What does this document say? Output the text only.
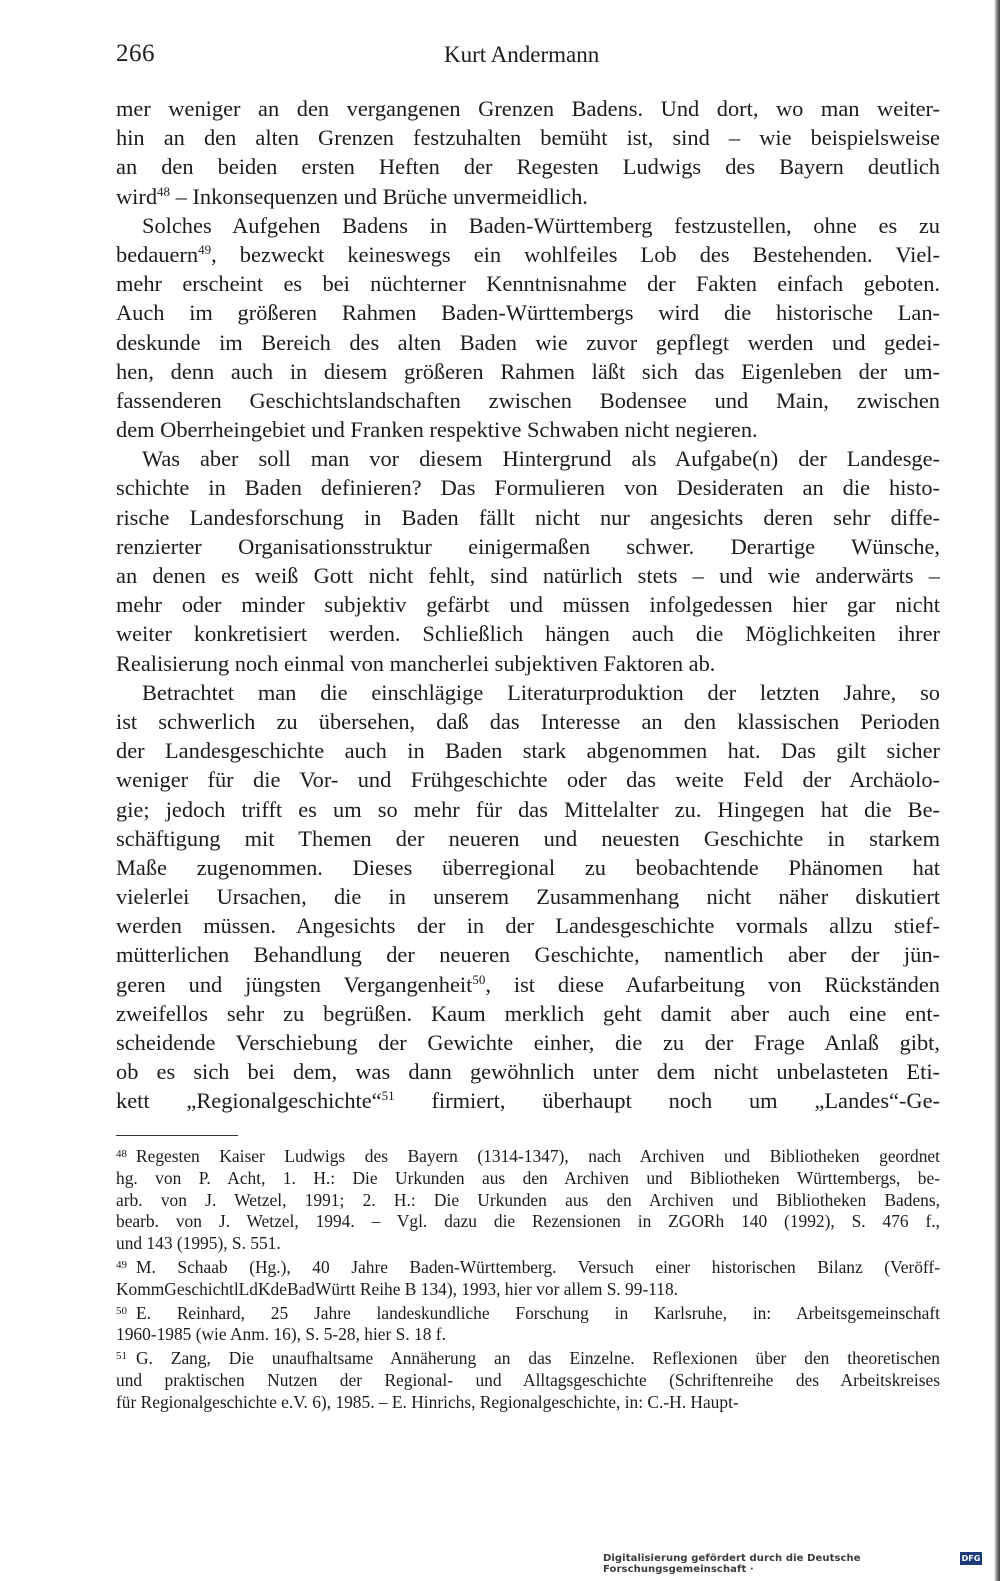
266	Kurt Andermann
mer weniger an den vergangenen Grenzen Badens. Und dort, wo man weiter-
hin an den alten Grenzen festzuhalten bemüht ist, sind – wie beispielsweise
an den beiden ersten Heften der Regesten Ludwigs des Bayern deutlich
wird$^{48}$ – Inkonsequenzen und Brüche unvermeidlich.
Solches Aufgehen Badens in Baden-Württemberg festzustellen, ohne es zu
bedauern$^{49}$, bezweckt keineswegs ein wohlfeiles Lob des Bestehenden. Viel-
mehr erscheint es bei nüchterner Kenntnisnahme der Fakten einfach geboten.
Auch im größeren Rahmen Baden-Württembergs wird die historische Lan-
deskunde im Bereich des alten Baden wie zuvor gepflegt werden und gedei-
hen, denn auch in diesem größeren Rahmen läßt sich das Eigenleben der um-
fassenderen Geschichtslandschaften zwischen Bodensee und Main, zwischen
dem Oberrheingebiet und Franken respektive Schwaben nicht negieren.
Was aber soll man vor diesem Hintergrund als Aufgabe(n) der Landesge-
schichte in Baden definieren? Das Formulieren von Desideraten an die histo-
rische Landesforschung in Baden fällt nicht nur angesichts deren sehr diffe-
renzierter Organisationsstruktur einigermaßen schwer. Derartige Wünsche,
an denen es weiß Gott nicht fehlt, sind natürlich stets – und wie anderwärts –
mehr oder minder subjektiv gefärbt und müssen infolgedessen hier gar nicht
weiter konkretisiert werden. Schließlich hängen auch die Möglichkeiten ihrer
Realisierung noch einmal von mancherlei subjektiven Faktoren ab.
Betrachtet man die einschlägige Literaturproduktion der letzten Jahre, so
ist schwerlich zu übersehen, daß das Interesse an den klassischen Perioden
der Landesgeschichte auch in Baden stark abgenommen hat. Das gilt sicher
weniger für die Vor- und Frühgeschichte oder das weite Feld der Archäolo-
gie; jedoch trifft es um so mehr für das Mittelalter zu. Hingegen hat die Be-
schäftigung mit Themen der neueren und neuesten Geschichte in starkem
Maße zugenommen. Dieses überregional zu beobachtende Phänomen hat
vielerlei Ursachen, die in unserem Zusammenhang nicht näher diskutiert
werden müssen. Angesichts der in der Landesgeschichte vormals allzu stief-
mütterlichen Behandlung der neueren Geschichte, namentlich aber der jün-
geren und jüngsten Vergangenheit$^{50}$, ist diese Aufarbeitung von Rückständen
zweifellos sehr zu begrüßen. Kaum merklich geht damit aber auch eine ent-
scheidende Verschiebung der Gewichte einher, die zu der Frage Anlaß gibt,
ob es sich bei dem, was dann gewöhnlich unter dem nicht unbelasteten Eti-
kett „Regionalgeschichte“$^{51}$ firmiert, überhaupt noch um „Landes“-Ge-
48 Regesten Kaiser Ludwigs des Bayern (1314-1347), nach Archiven und Bibliotheken geordnet
hg. von P. Acht, 1. H.: Die Urkunden aus den Archiven und Bibliotheken Württembergs, be-
arb. von J. Wetzel, 1991; 2. H.: Die Urkunden aus den Archiven und Bibliotheken Badens,
bearb. von J. Wetzel, 1994. – Vgl. dazu die Rezensionen in ZGORh 140 (1992), S. 476 f.,
und 143 (1995), S. 551.
49 M. Schaab (Hg.), 40 Jahre Baden-Württemberg. Versuch einer historischen Bilanz (Veröff-
KommGeschichtlLdKdeBadWürtt Reihe B 134), 1993, hier vor allem S. 99-118.
50 E. Reinhard, 25 Jahre landeskundliche Forschung in Karlsruhe, in: Arbeitsgemeinschaft
1960-1985 (wie Anm. 16), S. 5-28, hier S. 18 f.
51 G. Zang, Die unaufhaltsame Annäherung an das Einzelne. Reflexionen über den theoretischen
und praktischen Nutzen der Regional- und Alltagsgeschichte (Schriftenreihe des Arbeitskreises
für Regionalgeschichte e.V. 6), 1985. – E. Hinrichs, Regionalgeschichte, in: C.-H. Haupt-
Digitalisierung gefördert durch die Deutsche Forschungsgemeinschaft ·
DFG
